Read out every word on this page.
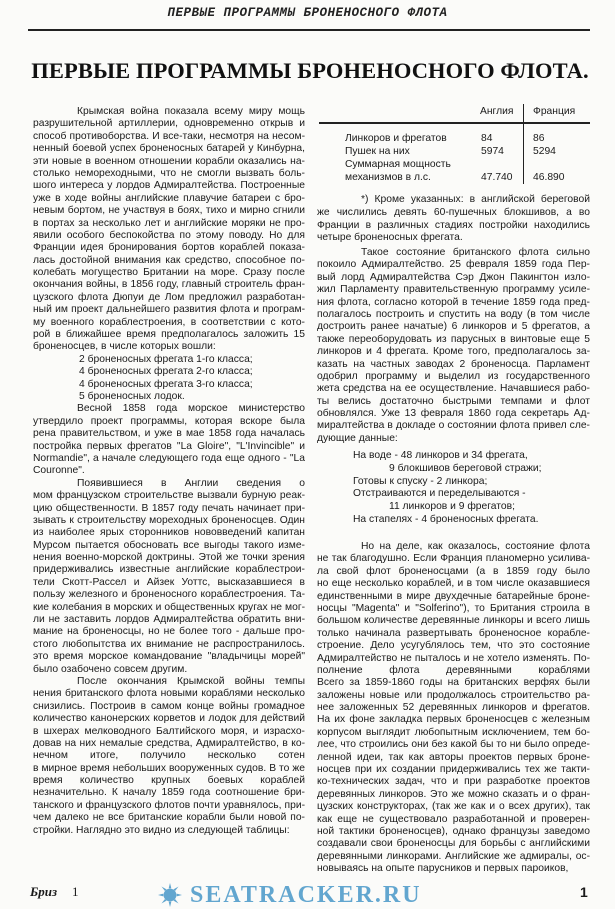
ПЕРВЫЕ ПРОГРАММЫ БРОНЕНОСНОГО ФЛОТА
ПЕРВЫЕ ПРОГРАММЫ БРОНЕНОСНОГО ФЛОТА.
Крымская война показала всему миру мощь
разрушительной артиллерии, одновременно открыв и
способ противоборства. И все-таки, несмотря на несом-
ненный боевой успех броненосных батарей у Кинбурна,
эти новые в военном отношении корабли оказались на-
столько немореходными, что не смогли вызвать боль-
шого интереса у лордов Адмиралтейства. Построенные
уже в ходе войны английские плавучие батареи с бро-
невым бортом, не участвуя в боях, тихо и мирно сгнили
в портах за несколько лет и английские моряки не про-
явили особого беспокойства по этому поводу. Но для
Франции идея бронирования бортов кораблей показа-
лась достойной внимания как средство, способное по-
колебать могущество Британии на море. Сразу после
окончания войны, в 1856 году, главный строитель фран-
цузского флота Дюпуи де Лом предложил разработан-
ный им проект дальнейшего развития флота и програм-
му военного кораблестроения, в соответствии с кото-
рой в ближайшее время предполагалось заложить 15
броненосцев, в числе которых вошли:
2 броненосных фрегата 1-го класса;
4 броненосных фрегата 2-го класса;
4 броненосных фрегата 3-го класса;
5 броненосных лодок.
Весной 1858 года морское министерство
утвердило проект программы, которая вскоре была
рена правительством, и уже в мае 1858 года началась
постройка первых фрегатов "La Gloire", "L'Invincible" и
Normandie", а начале следующего года еще одного - "La
Couronne".
Появившиеся в Англии сведения о
мом французском строительстве вызвали бурную реак-
цию общественности. В 1857 году печать начинает при-
зывать к строительству мореходных броненосцев. Один
из наиболее ярых сторонников нововведений капитан
Мурсом пытается обосновать все выгоды такого изме-
нения военно-морской доктрины. Этой же точки зрения
придерживались известные английские кораблестрои-
тели Скотт-Рассел и Айзек Уоттс, высказавшиеся в
пользу железного и броненосного кораблестроения. Та-
кие колебания в морских и общественных кругах не мог-
ли не заставить лордов Адмиралтейства обратить вни-
мание на броненосцы, но не более того - дальше про-
стого любопытства их внимание не распространилось.
это время морское командование "владычицы морей"
было озабочено совсем другим.
После окончания Крымской войны темпы
нения британского флота новыми кораблями несколько
снизились. Построив в самом конце войны громадное
количество канонерских корветов и лодок для действий
в шхерах мелководного Балтийского моря, и израсхо-
довав на них немалые средства, Адмиралтейство, в ко-
нечном итоге, получило несколько сотен
в мирное время небольших вооруженных судов. В то же
время количество крупных боевых кораблей
незначительно. К началу 1859 года соотношение бри-
танского и французского флотов почти уравнялось, при-
чем далеко не все британские корабли были новой по-
стройки. Наглядно это видно из следующей таблицы:
Англия Франция
Линкоров и фрегатов	84	86
Пушек на них	5974	5294
Суммарная мощность
механизмов в л.с.	47.740 46.890
*) Кроме указанных: в английской береговой
же числились девять 60-пушечных блокшивов, а во
Франции в различных стадиях постройки находились
четыре броненосных фрегата.
Такое состояние британского флота сильно
покоило Адмиралтейство. 25 февраля 1859 года Пер-
вый лорд Адмиралтейства Сэр Джон Пакингтон изло-
жил Парламенту правительственную программу усиле-
ния флота, согласно которой в течение 1859 года пред-
полагалось построить и спустить на воду (в том числе
достроить ранее начатые) 6 линкоров и 5 фрегатов, а
также переоборудовать из парусных в винтовые еще 5
линкоров и 4 фрегата. Кроме того, предполагалось за-
казать на частных заводах 2 броненосца. Парламент
одобрил программу и выделил из государственного
жета средства на ее осуществление. Начавшиеся рабо-
ты велись достаточно быстрыми темпами и флот
обновлялся. Уже 13 февраля 1860 года секретарь Ад-
миралтейства в докладе о состоянии флота привел сле-
дующие данные:
На воде - 48 линкоров и 34 фрегата,
9 блокшивов береговой стражи;
Готовы к спуску - 2 линкора;
Отстраиваются и переделываются -
11 линкоров и 9 фрегатов;
На стапелях - 4 броненосных фрегата.
Но на деле, как оказалось, состояние флота
не так благодушно. Если Франция планомерно усилива-
ла свой флот броненосцами (а в 1859 году было
но еще несколько кораблей, и в том числе оказавшиеся
единственными в мире двухдечные батарейные броне-
носцы "Magenta" и "Solferino"), то Британия строила в
большом количестве деревянные линкоры и всего лишь
только начинала развертывать броненосное корабле-
строение. Дело усугублялось тем, что это состояние
Адмиралтейство не пыталось и не хотело изменять. По-
полнение флота деревянными кораблями
Всего за 1859-1860 годы на британских верфях были
заложены новые или продолжалось строительство ра-
нее заложенных 52 деревянных линкоров и фрегатов.
На их фоне закладка первых броненосцев с железным
корпусом выглядит любопытным исключением, тем бо-
лее, что строились они без какой бы то ни было опреде-
ленной идеи, так как авторы проектов первых броне-
носцев при их создании придерживались тех же такти-
ко-технических задач, что и при разработке проектов
деревянных линкоров. Это же можно сказать и о фран-
цузских конструкторах, (так же как и о всех других), так
как еще не существовало разработанной и проверен-
ной тактики броненосцев), однако французы заведомо
создавали свои броненосцы для борьбы с английскими
деревянными линкорами. Английские же адмиралы, ос-
новываясь на опыте парусников и первых пароиков,
SEATRACKER.RU
Бриз 1	1
